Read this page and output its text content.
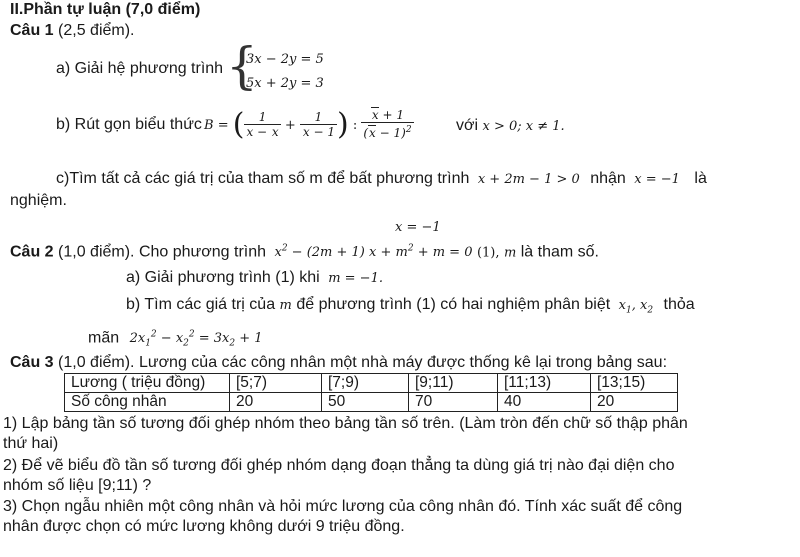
II.Phần tự luận (7,0 điểm)
Câu 1 (2,5 điểm).
a) Giải hệ phương trình {
3x − 2y = 5
5x + 2y = 3
b) Rút gọn biểu thức B = ( $\frac{1}{x - x} + \frac{1}{x - 1}$ ) : $\frac{x + 1}{(x - 1)^2}$	với x > 0; x ≠ 1.
c)Tìm tất cả các giá trị của tham số m để bất phương trình x + 2m − 1 > 0 nhận x = −1 là
nghiệm.
x = −1
Câu 2 (1,0 điểm). Cho phương trình $x^2 - (2m + 1) x + m^2 + m = 0$ (1), m là tham số.
a) Giải phương trình (1) khi m = −1.
b) Tìm các giá trị của m để phương trình (1) có hai nghiệm phân biệt $x_1$, $x_2$ thỏa
mãn $2x_1^2 - x_2^2 = 3x_2 + 1$
Câu 3 (1,0 điểm). Lương của các công nhân một nhà máy được thống kê lại trong bảng sau:
Lương ( triệu đồng)	[5;7)	[7;9)	[9;11)	[11;13)	[13;15)
Số công nhân	20	50	70	40	20
1) Lập bảng tần số tương đối ghép nhóm theo bảng tần số trên. (Làm tròn đến chữ số thập phân
thứ hai)
2) Để vẽ biểu đồ tần số tương đối ghép nhóm dạng đoạn thẳng ta dùng giá trị nào đại diện cho
nhóm số liệu [9;11) ?
3) Chọn ngẫu nhiên một công nhân và hỏi mức lương của công nhân đó. Tính xác suất để công
nhân được chọn có mức lương không dưới 9 triệu đồng.
